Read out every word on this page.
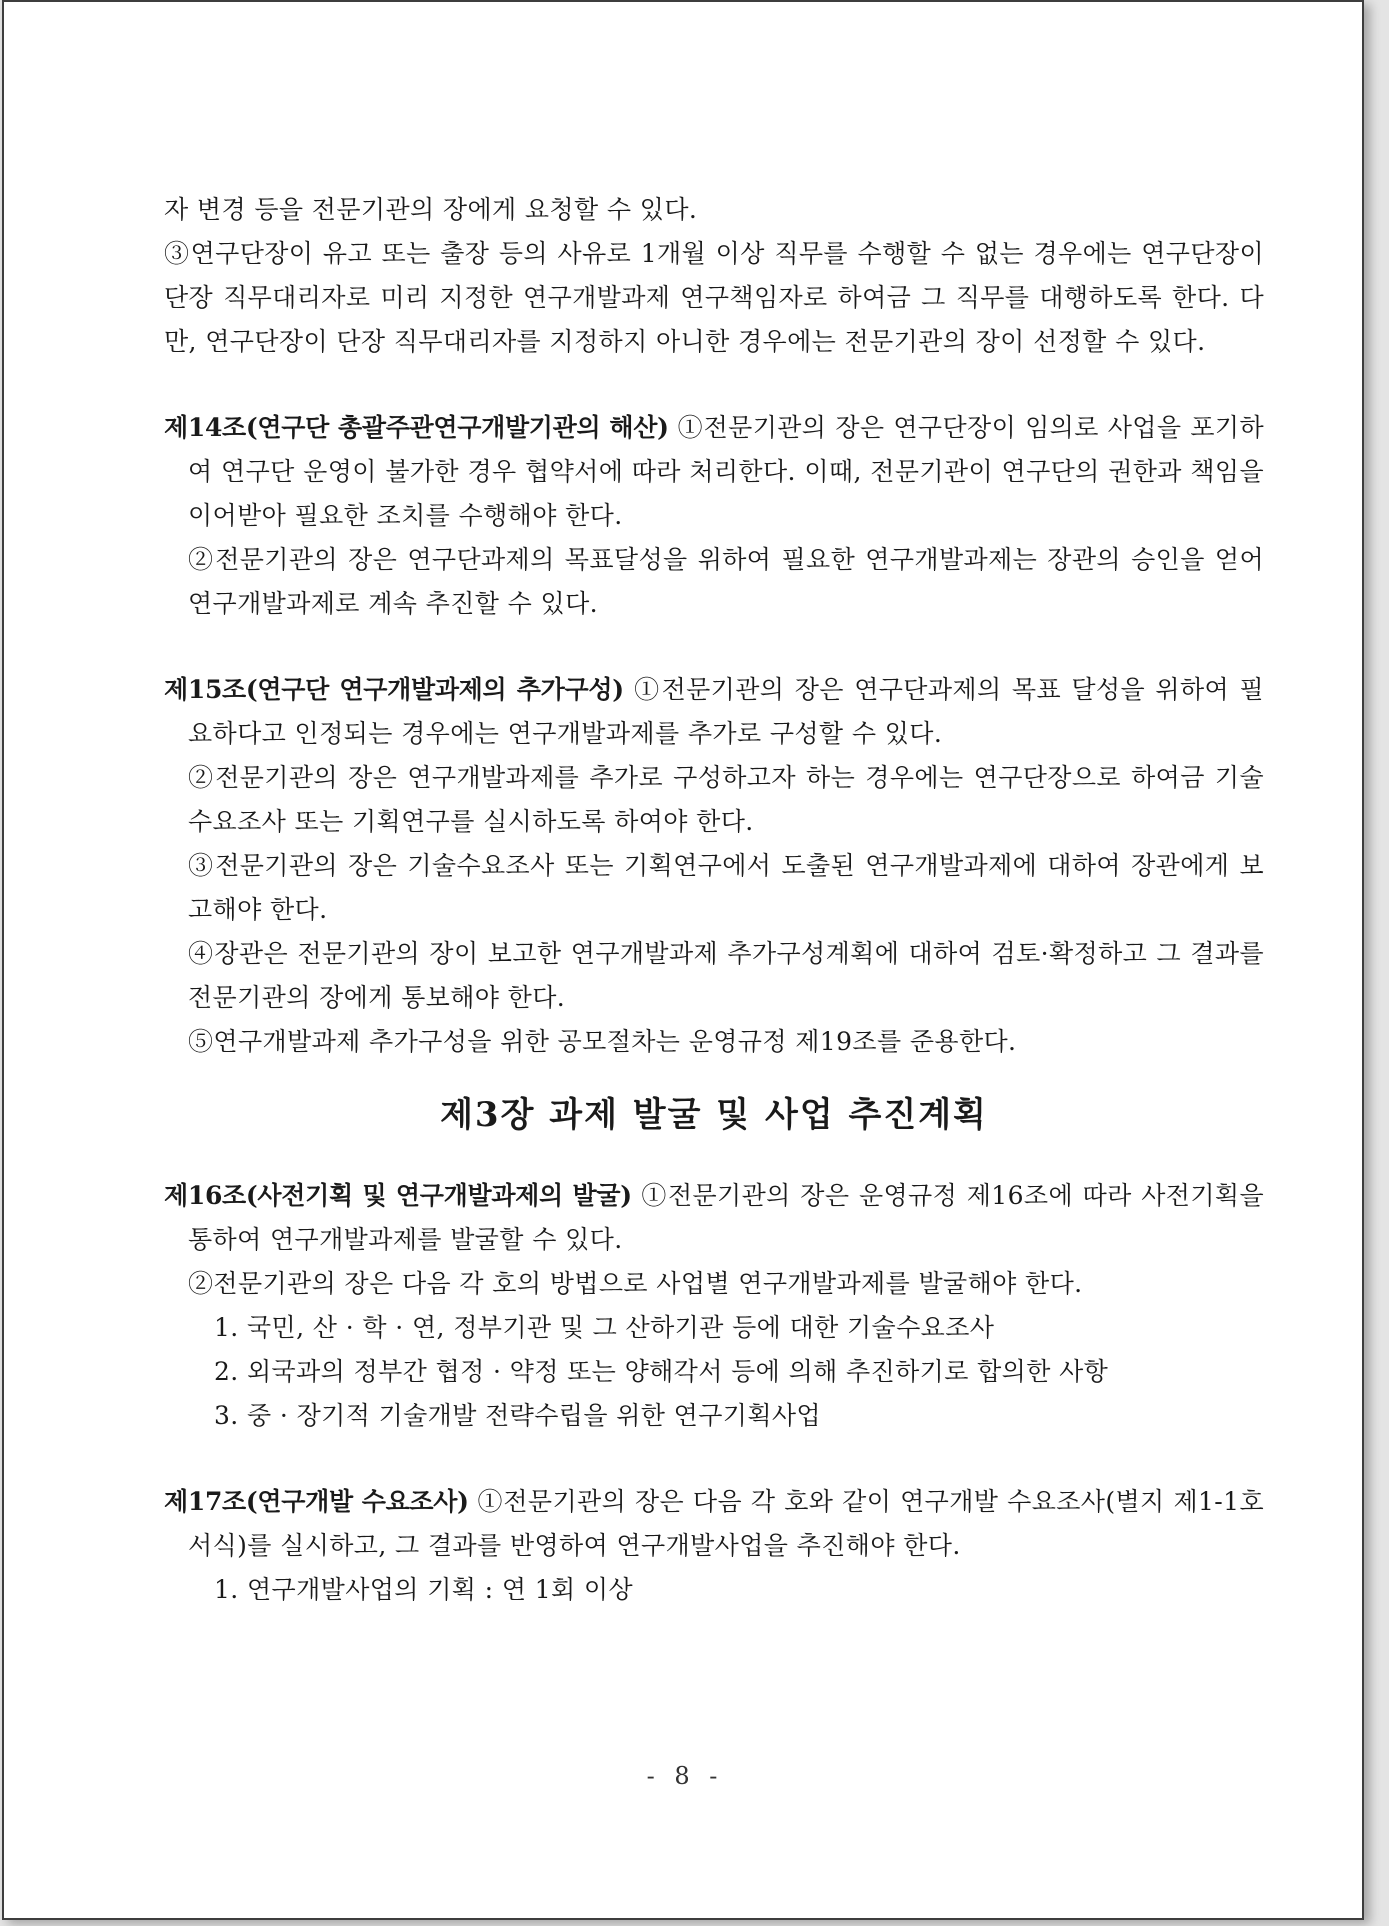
자 변경 등을 전문기관의 장에게 요청할 수 있다.

③연구단장이 유고 또는 출장 등의 사유로 1개월 이상 직무를 수행할 수 없는 경우에는 연구단장이 단장 직무대리자로 미리 지정한 연구개발과제 연구책임자로 하여금 그 직무를 대행하도록 한다. 다만, 연구단장이 단장 직무대리자를 지정하지 아니한 경우에는 전문기관의 장이 선정할 수 있다.

제14조(연구단 총괄주관연구개발기관의 해산) ①전문기관의 장은 연구단장이 임의로 사업을 포기하여 연구단 운영이 불가한 경우 협약서에 따라 처리한다. 이때, 전문기관이 연구단의 권한과 책임을 이어받아 필요한 조치를 수행해야 한다.

②전문기관의 장은 연구단과제의 목표달성을 위하여 필요한 연구개발과제는 장관의 승인을 얻어 연구개발과제로 계속 추진할 수 있다.

제15조(연구단 연구개발과제의 추가구성) ①전문기관의 장은 연구단과제의 목표 달성을 위하여 필요하다고 인정되는 경우에는 연구개발과제를 추가로 구성할 수 있다.

②전문기관의 장은 연구개발과제를 추가로 구성하고자 하는 경우에는 연구단장으로 하여금 기술수요조사 또는 기획연구를 실시하도록 하여야 한다.

③전문기관의 장은 기술수요조사 또는 기획연구에서 도출된 연구개발과제에 대하여 장관에게 보고해야 한다.

④장관은 전문기관의 장이 보고한 연구개발과제 추가구성계획에 대하여 검토·확정하고 그 결과를 전문기관의 장에게 통보해야 한다.

⑤연구개발과제 추가구성을 위한 공모절차는 운영규정 제19조를 준용한다.

제3장 과제 발굴 및 사업 추진계획

제16조(사전기획 및 연구개발과제의 발굴) ①전문기관의 장은 운영규정 제16조에 따라 사전기획을 통하여 연구개발과제를 발굴할 수 있다.

②전문기관의 장은 다음 각 호의 방법으로 사업별 연구개발과제를 발굴해야 한다.

1. 국민, 산 · 학 · 연, 정부기관 및 그 산하기관 등에 대한 기술수요조사

2. 외국과의 정부간 협정 · 약정 또는 양해각서 등에 의해 추진하기로 합의한 사항

3. 중 · 장기적 기술개발 전략수립을 위한 연구기획사업

제17조(연구개발 수요조사) ①전문기관의 장은 다음 각 호와 같이 연구개발 수요조사(별지 제1-1호 서식)를 실시하고, 그 결과를 반영하여 연구개발사업을 추진해야 한다.

1. 연구개발사업의 기획 : 연 1회 이상

- 8 -
